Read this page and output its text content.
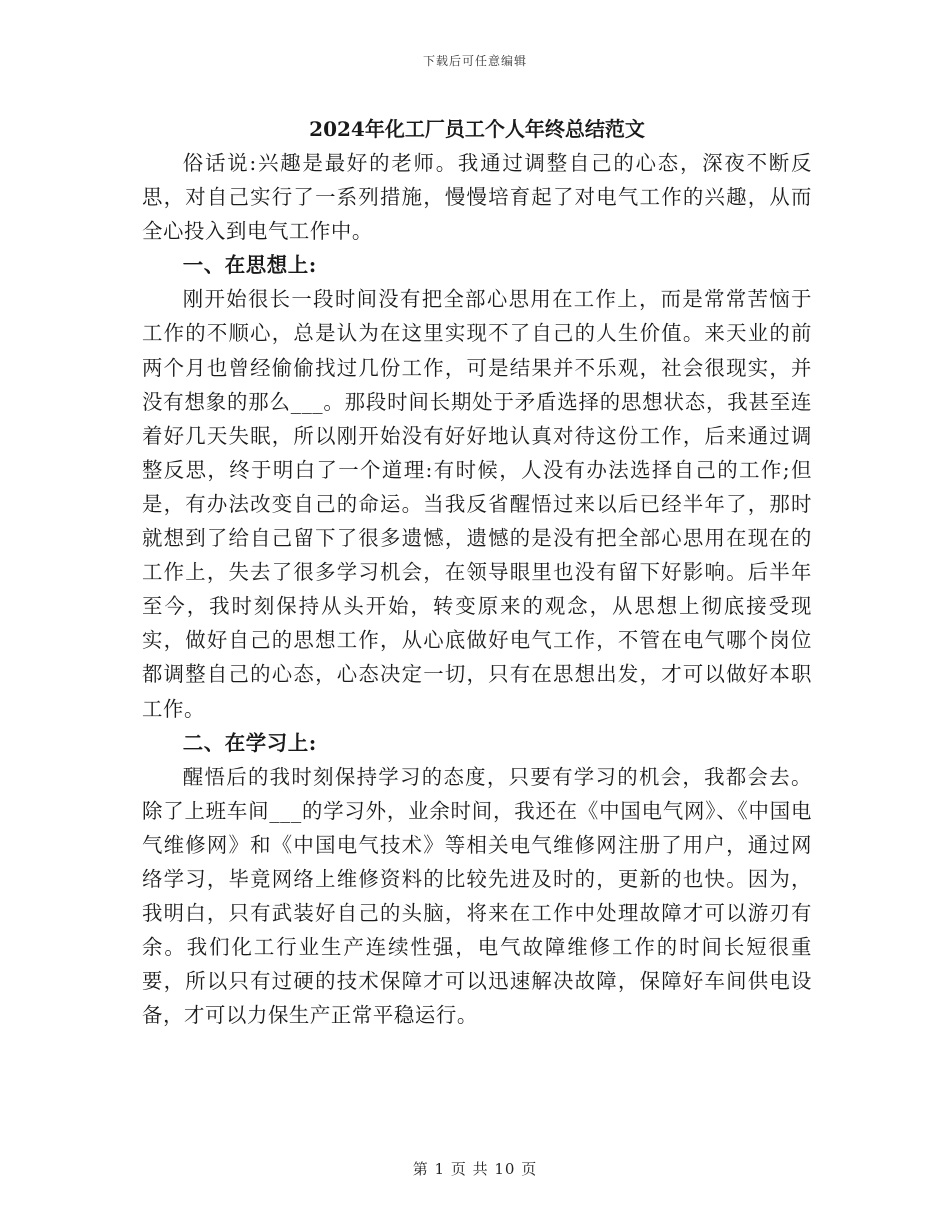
下载后可任意编辑
2024年化工厂员工个人年终总结范文

俗话说:兴趣是最好的老师。我通过调整自己的心态，深夜不断反思，对自己实行了一系列措施，慢慢培育起了对电气工作的兴趣，从而全心投入到电气工作中。

一、在思想上:

刚开始很长一段时间没有把全部心思用在工作上，而是常常苦恼于工作的不顺心，总是认为在这里实现不了自己的人生价值。来天业的前两个月也曾经偷偷找过几份工作，可是结果并不乐观，社会很现实，并没有想象的那么___。那段时间长期处于矛盾选择的思想状态，我甚至连着好几天失眠，所以刚开始没有好好地认真对待这份工作，后来通过调整反思，终于明白了一个道理:有时候，人没有办法选择自己的工作;但是，有办法改变自己的命运。当我反省醒悟过来以后已经半年了，那时就想到了给自己留下了很多遗憾，遗憾的是没有把全部心思用在现在的工作上，失去了很多学习机会，在领导眼里也没有留下好影响。后半年至今，我时刻保持从头开始，转变原来的观念，从思想上彻底接受现实，做好自己的思想工作，从心底做好电气工作，不管在电气哪个岗位都调整自己的心态，心态决定一切，只有在思想出发，才可以做好本职工作。

二、在学习上:

醒悟后的我时刻保持学习的态度，只要有学习的机会，我都会去。除了上班车间___的学习外，业余时间，我还在《中国电气网》、《中国电气维修网》和《中国电气技术》等相关电气维修网注册了用户，通过网络学习，毕竟网络上维修资料的比较先进及时的，更新的也快。因为，我明白，只有武装好自己的头脑，将来在工作中处理故障才可以游刃有余。我们化工行业生产连续性强，电气故障维修工作的时间长短很重要，所以只有过硬的技术保障才可以迅速解决故障，保障好车间供电设备，才可以力保生产正常平稳运行。

第 1 页 共 10 页
